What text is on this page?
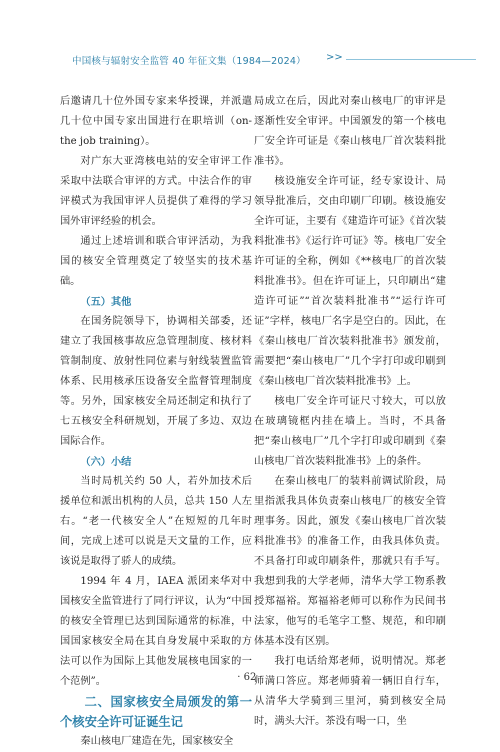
中国核与辐射安全监管 40 年征文集（1984—2024） >>

后邀请几十位外国专家来华授课，并派遣几十位中国专家出国进行在职培训（on-the job training）。

对广东大亚湾核电站的安全审评工作采取中法联合审评的方式。中法合作的审评模式为我国审评人员提供了难得的学习国外审评经验的机会。

通过上述培训和联合审评活动，为我国的核安全管理奠定了较坚实的技术基础。

（五）其他

在国务院领导下，协调相关部委，还建立了我国核事故应急管理制度、核材料管制制度、放射性同位素与射线装置监管体系、民用核承压设备安全监督管理制度等。另外，国家核安全局还制定和执行了七五核安全科研规划，开展了多边、双边国际合作。

（六）小结

当时局机关约 50 人，若外加技术后援单位和派出机构的人员，总共 150 人左右。“老一代核安全人”在短短的几年时间，完成上述可以说是天文量的工作，应该说是取得了骄人的成绩。

1994 年 4 月，IAEA 派团来华对中国核安全监管进行了同行评议，认为“中国的核安全管理已达到国际通常的标准，中国国家核安全局在其自身发展中采取的方法可以作为国际上其他发展核电国家的一个范例”。

二、国家核安全局颁发的第一个核安全许可证诞生记

秦山核电厂建造在先，国家核安全

局成立在后，因此对秦山核电厂的审评是逐渐性安全审评。中国颁发的第一个核电厂安全许可证是《秦山核电厂首次装料批准书》。

核设施安全许可证，经专家设计、局领导批准后，交由印刷厂印刷。核设施安全许可证，主要有《建造许可证》《首次装料批准书》《运行许可证》等。核电厂安全许可证的全称，例如《**核电厂的首次装料批准书》。但在许可证上，只印刷出“建造许可证”“首次装料批准书”“运行许可证”字样，核电厂名字是空白的。因此，在《秦山核电厂首次装料批准书》颁发前，需要把“秦山核电厂”几个字打印或印刷到《秦山核电厂首次装料批准书》上。

核电厂安全许可证尺寸较大，可以放在玻璃镜框内挂在墙上。当时，不具备把“秦山核电厂”几个字打印或印刷到《秦山核电厂首次装料批准书》上的条件。

在秦山核电厂的装料前调试阶段，局里指派我具体负责秦山核电厂的核安全管理事务。因此，颁发《秦山核电厂首次装料批准书》的准备工作，由我具体负责。不具备打印或印刷条件，那就只有手写。我想到我的大学老师，清华大学工物系教授郑福裕。郑福裕老师可以称作为民间书法家，他写的毛笔字工整、规范，和印刷体基本没有区别。

我打电话给郑老师，说明情况。郑老师满口答应。郑老师骑着一辆旧自行车，从清华大学骑到三里河，骑到核安全局时，满头大汗。茶没有喝一口，坐

· 62 ·
